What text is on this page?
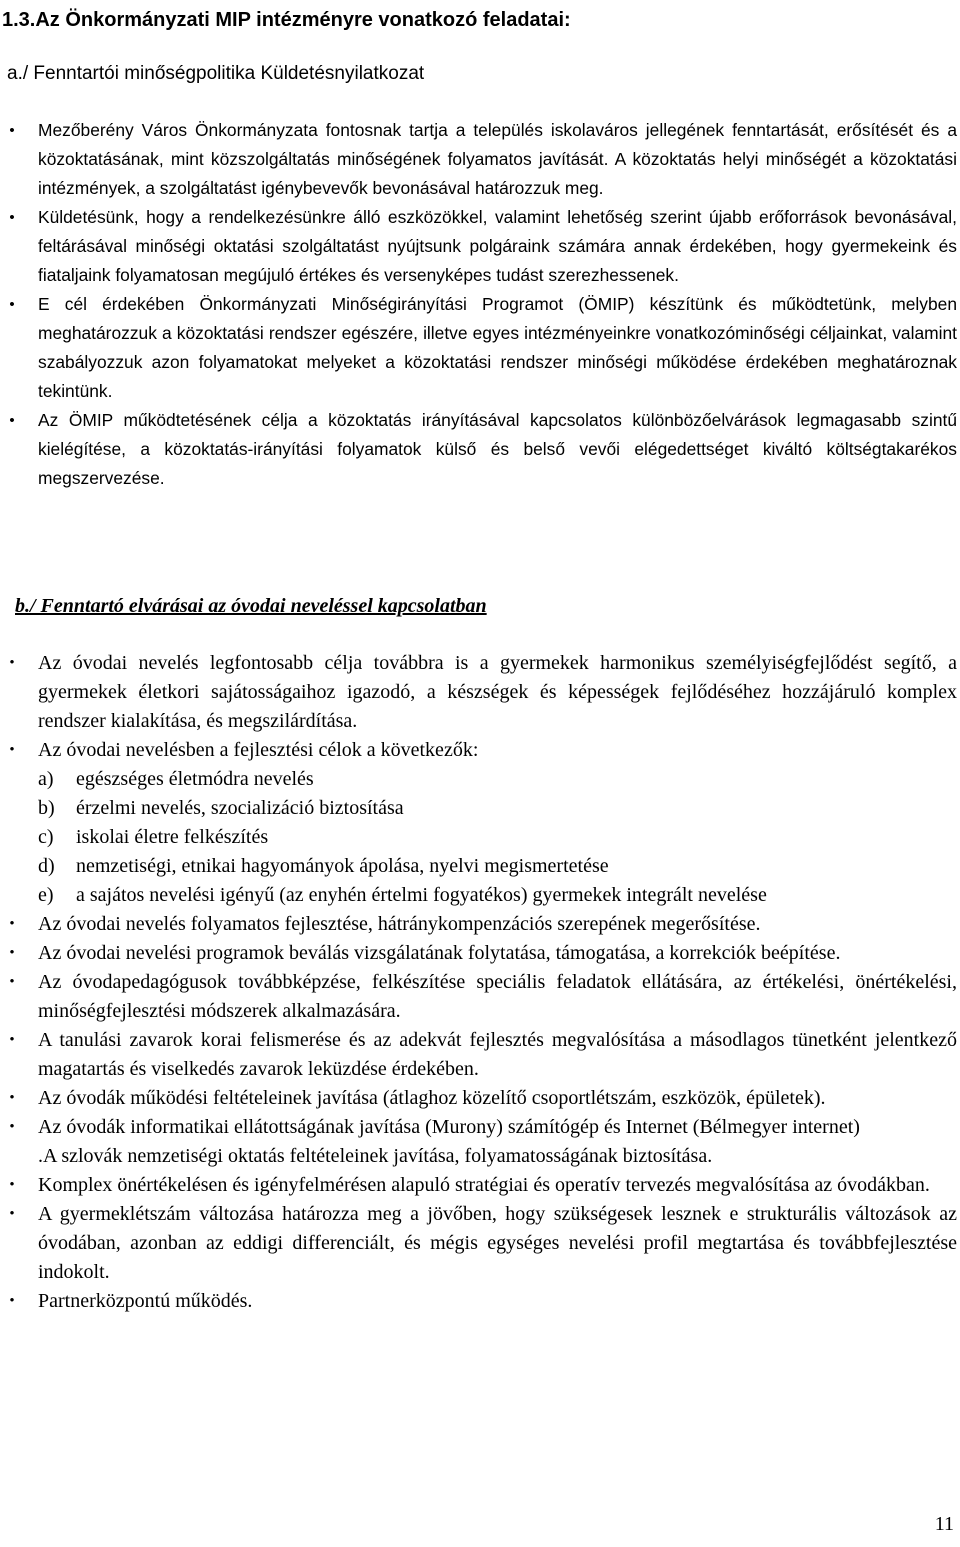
1.3.Az Önkormányzati MIP intézményre vonatkozó feladatai:
a./ Fenntartói minőségpolitika Küldetésnyilatkozat
•	Mezőberény Város Önkormányzata fontosnak tartja a település iskolaváros jellegének fenntartását, erősítését és a közoktatásának, mint közszolgáltatás minőségének folyamatos javítását. A közoktatás helyi minőségét a közoktatási intézmények, a szolgáltatást igénybevevők bevonásával határozzuk meg.
•	Küldetésünk, hogy a rendelkezésünkre álló eszközökkel, valamint lehetőség szerint újabb erőforrások bevonásával, feltárásával minőségi oktatási szolgáltatást nyújtsunk polgáraink számára annak érdekében, hogy gyermekeink és fiataljaink folyamatosan megújuló értékes és versenyképes tudást szerezhessenek.
•	E cél érdekében Önkormányzati Minőségirányítási Programot (ÖMIP) készítünk és működtetünk, melyben meghatározzuk a közoktatási rendszer egészére, illetve egyes intézményeinkre vonatkozóminőségi céljainkat, valamint szabályozzuk azon folyamatokat melyeket a közoktatási rendszer minőségi működése érdekében meghatároznak tekintünk.
•	Az ÖMIP működtetésének célja a közoktatás irányításával kapcsolatos különbözőelvárások legmagasabb szintű kielégítése, a közoktatás-irányítási folyamatok külső és belső vevői elégedettséget kiváltó költségtakarékos megszervezése.
b./ Fenntartó elvárásai az óvodai neveléssel kapcsolatban
•	Az óvodai nevelés legfontosabb célja továbbra is a gyermekek harmonikus személyiségfejlődést segítő, a gyermekek életkori sajátosságaihoz igazodó, a készségek és képességek fejlődéséhez hozzájáruló komplex rendszer kialakítása, és megszilárdítása.
•	Az óvodai nevelésben a fejlesztési célok a következők:
a) egészséges életmódra nevelés
b) érzelmi nevelés, szocializáció biztosítása
c) iskolai életre felkészítés
d) nemzetiségi, etnikai hagyományok ápolása, nyelvi megismertetése
e) a sajátos nevelési igényű (az enyhén értelmi fogyatékos) gyermekek integrált nevelése
•	Az óvodai nevelés folyamatos fejlesztése, hátránykompenzációs szerepének megerősítése.
•	Az óvodai nevelési programok beválás vizsgálatának folytatása, támogatása, a korrekciók beépítése.
•	Az óvodapedagógusok továbbképzése, felkészítése speciális feladatok ellátására, az értékelési, önértékelési, minőségfejlesztési módszerek alkalmazására.
•	A tanulási zavarok korai felismerése és az adekvát fejlesztés megvalósítása a másodlagos tünetként jelentkező magatartás és viselkedés zavarok leküzdése érdekében.
•	Az óvodák működési feltételeinek javítása (átlaghoz közelítő csoportlétszám, eszközök, épületek).
•	Az óvodák informatikai ellátottságának javítása (Murony) számítógép és Internet (Bélmegyer internet)
.A szlovák nemzetiségi oktatás feltételeinek javítása, folyamatosságának biztosítása.
•	Komplex önértékelésen és igényfelmérésen alapuló stratégiai és operatív tervezés megvalósítása az óvodákban.
•	A gyermeklétszám változása határozza meg a jövőben, hogy szükségesek lesznek e strukturális változások az óvodában, azonban az eddigi differenciált, és mégis egységes nevelési profil megtartása és továbbfejlesztése indokolt.
•	Partnerközpontú működés.
11
